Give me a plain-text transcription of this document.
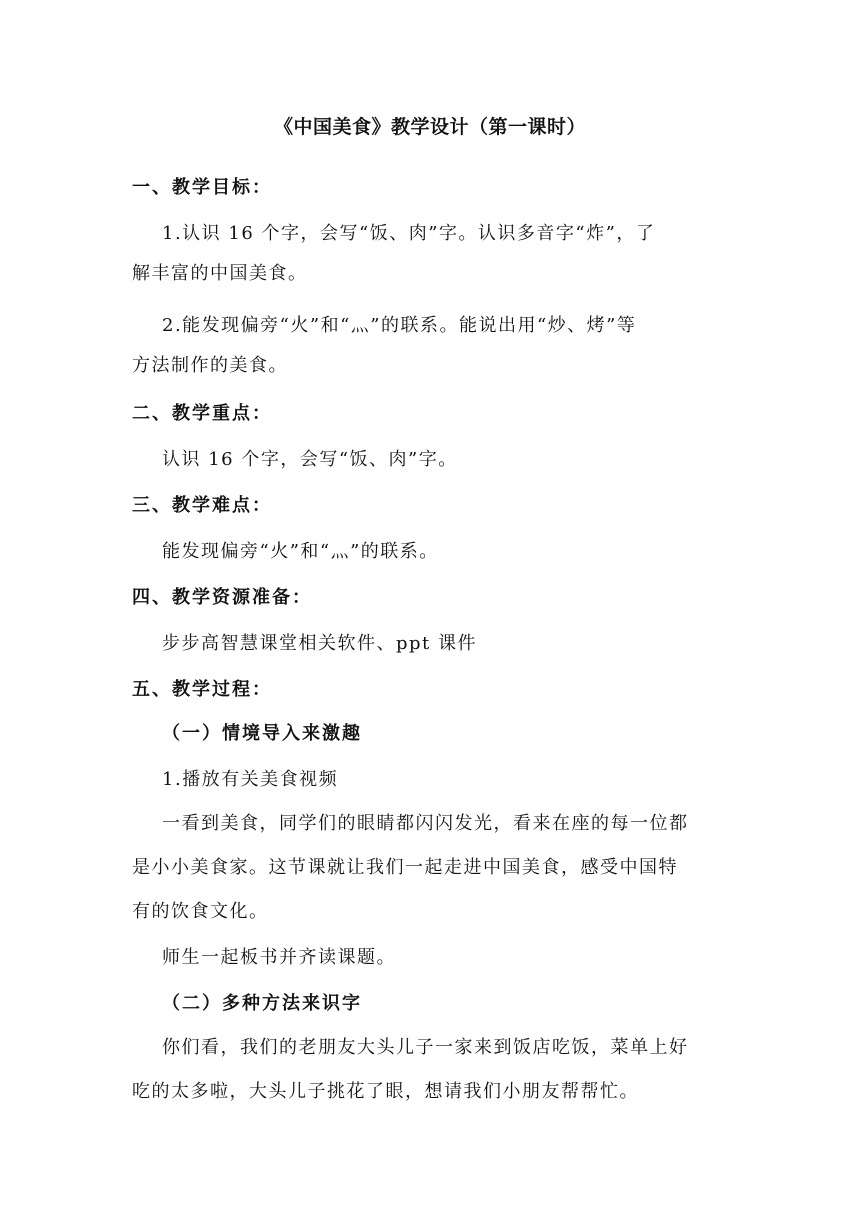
《中国美食》教学设计（第一课时）
一、教学目标：
1.认识 16 个字，会写“饭、肉”字。认识多音字“炸”，了
解丰富的中国美食。
2.能发现偏旁“火”和“灬”的联系。能说出用“炒、烤”等
方法制作的美食。
二、教学重点：
认识 16 个字，会写“饭、肉”字。
三、教学难点：
能发现偏旁“火”和“灬”的联系。
四、教学资源准备：
步步高智慧课堂相关软件、ppt 课件
五、教学过程：
（一）情境导入来激趣
1.播放有关美食视频
一看到美食，同学们的眼睛都闪闪发光，看来在座的每一位都
是小小美食家。这节课就让我们一起走进中国美食，感受中国特
有的饮食文化。
师生一起板书并齐读课题。
（二）多种方法来识字
你们看，我们的老朋友大头儿子一家来到饭店吃饭，菜单上好
吃的太多啦，大头儿子挑花了眼，想请我们小朋友帮帮忙。
